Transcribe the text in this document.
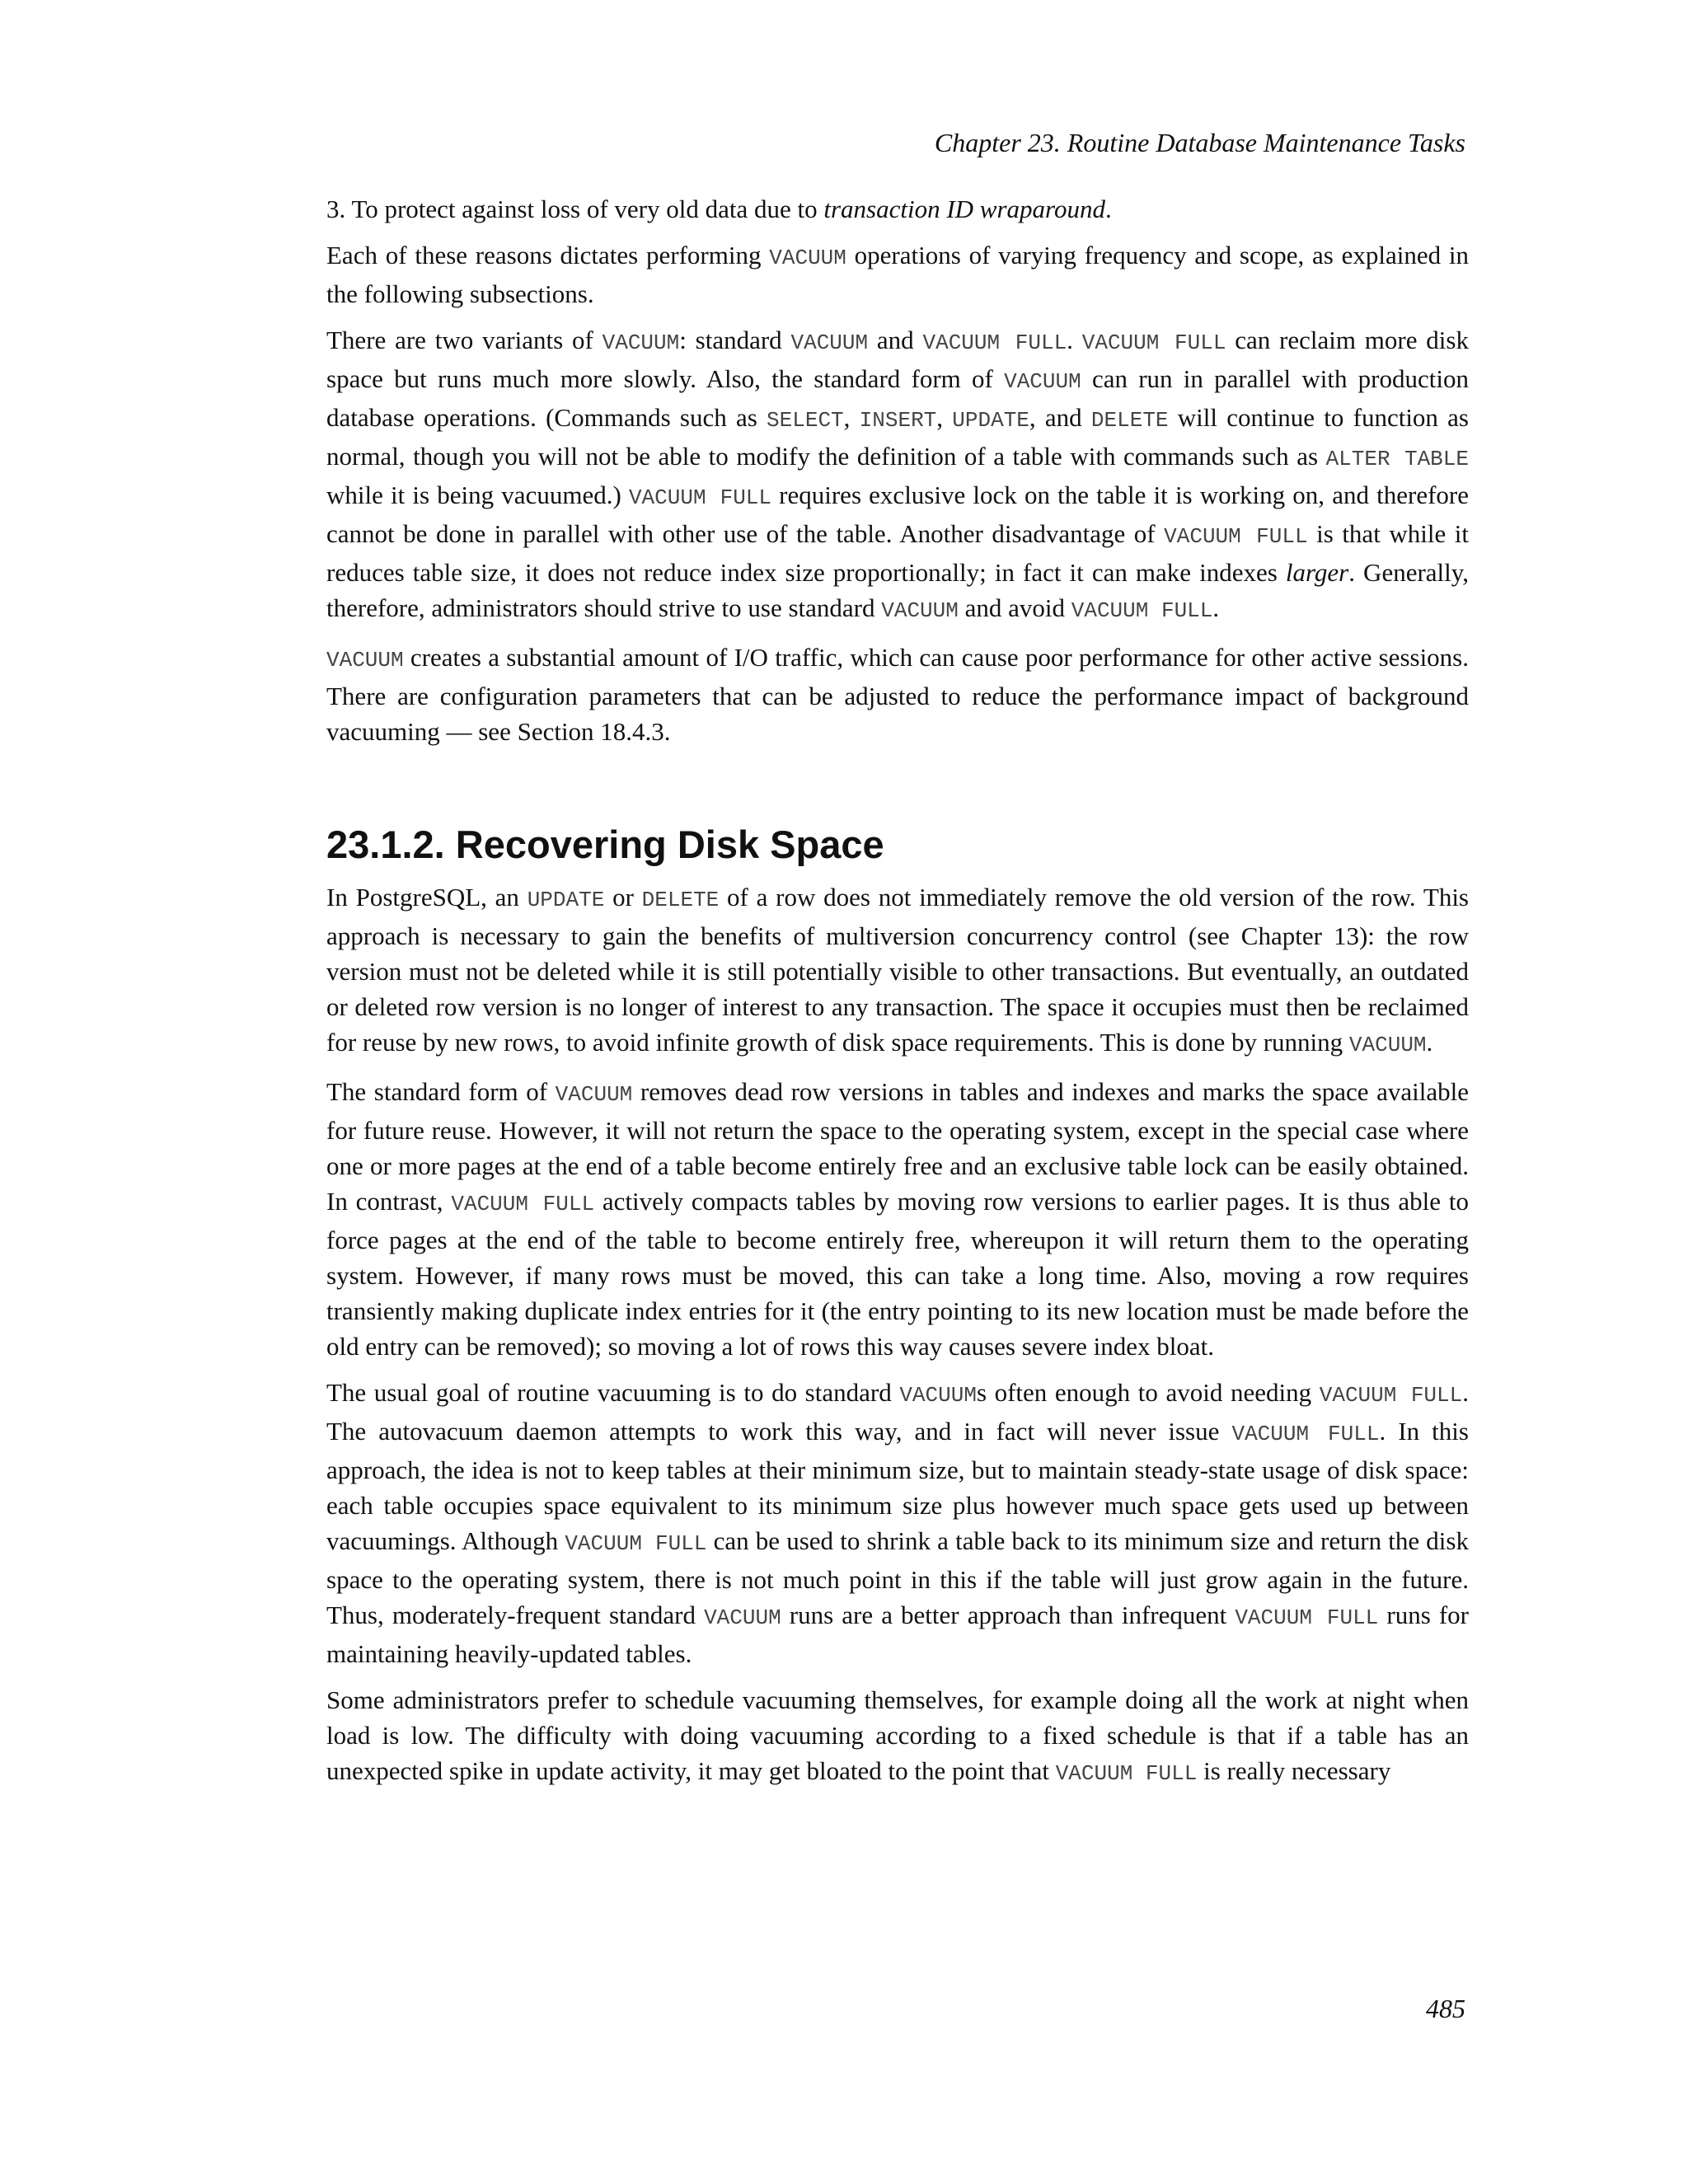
Chapter 23. Routine Database Maintenance Tasks

3. To protect against loss of very old data due to transaction ID wraparound.

Each of these reasons dictates performing VACUUM operations of varying frequency and scope, as explained in the following subsections.

There are two variants of VACUUM: standard VACUUM and VACUUM FULL. VACUUM FULL can reclaim more disk space but runs much more slowly. Also, the standard form of VACUUM can run in parallel with production database operations. (Commands such as SELECT, INSERT, UPDATE, and DELETE will continue to function as normal, though you will not be able to modify the definition of a table with commands such as ALTER TABLE while it is being vacuumed.) VACUUM FULL requires exclusive lock on the table it is working on, and therefore cannot be done in parallel with other use of the table. Another disadvantage of VACUUM FULL is that while it reduces table size, it does not reduce index size proportionally; in fact it can make indexes larger. Generally, therefore, administrators should strive to use standard VACUUM and avoid VACUUM FULL.

VACUUM creates a substantial amount of I/O traffic, which can cause poor performance for other active sessions. There are configuration parameters that can be adjusted to reduce the performance impact of background vacuuming — see Section 18.4.3.

23.1.2. Recovering Disk Space

In PostgreSQL, an UPDATE or DELETE of a row does not immediately remove the old version of the row. This approach is necessary to gain the benefits of multiversion concurrency control (see Chapter 13): the row version must not be deleted while it is still potentially visible to other transactions. But eventually, an outdated or deleted row version is no longer of interest to any transaction. The space it occupies must then be reclaimed for reuse by new rows, to avoid infinite growth of disk space requirements. This is done by running VACUUM.

The standard form of VACUUM removes dead row versions in tables and indexes and marks the space available for future reuse. However, it will not return the space to the operating system, except in the special case where one or more pages at the end of a table become entirely free and an exclusive table lock can be easily obtained. In contrast, VACUUM FULL actively compacts tables by moving row versions to earlier pages. It is thus able to force pages at the end of the table to become entirely free, whereupon it will return them to the operating system. However, if many rows must be moved, this can take a long time. Also, moving a row requires transiently making duplicate index entries for it (the entry pointing to its new location must be made before the old entry can be removed); so moving a lot of rows this way causes severe index bloat.

The usual goal of routine vacuuming is to do standard VACUUMs often enough to avoid needing VACUUM FULL. The autovacuum daemon attempts to work this way, and in fact will never issue VACUUM FULL. In this approach, the idea is not to keep tables at their minimum size, but to maintain steady-state usage of disk space: each table occupies space equivalent to its minimum size plus however much space gets used up between vacuumings. Although VACUUM FULL can be used to shrink a table back to its minimum size and return the disk space to the operating system, there is not much point in this if the table will just grow again in the future. Thus, moderately-frequent standard VACUUM runs are a better approach than infrequent VACUUM FULL runs for maintaining heavily-updated tables.

Some administrators prefer to schedule vacuuming themselves, for example doing all the work at night when load is low. The difficulty with doing vacuuming according to a fixed schedule is that if a table has an unexpected spike in update activity, it may get bloated to the point that VACUUM FULL is really necessary

485
